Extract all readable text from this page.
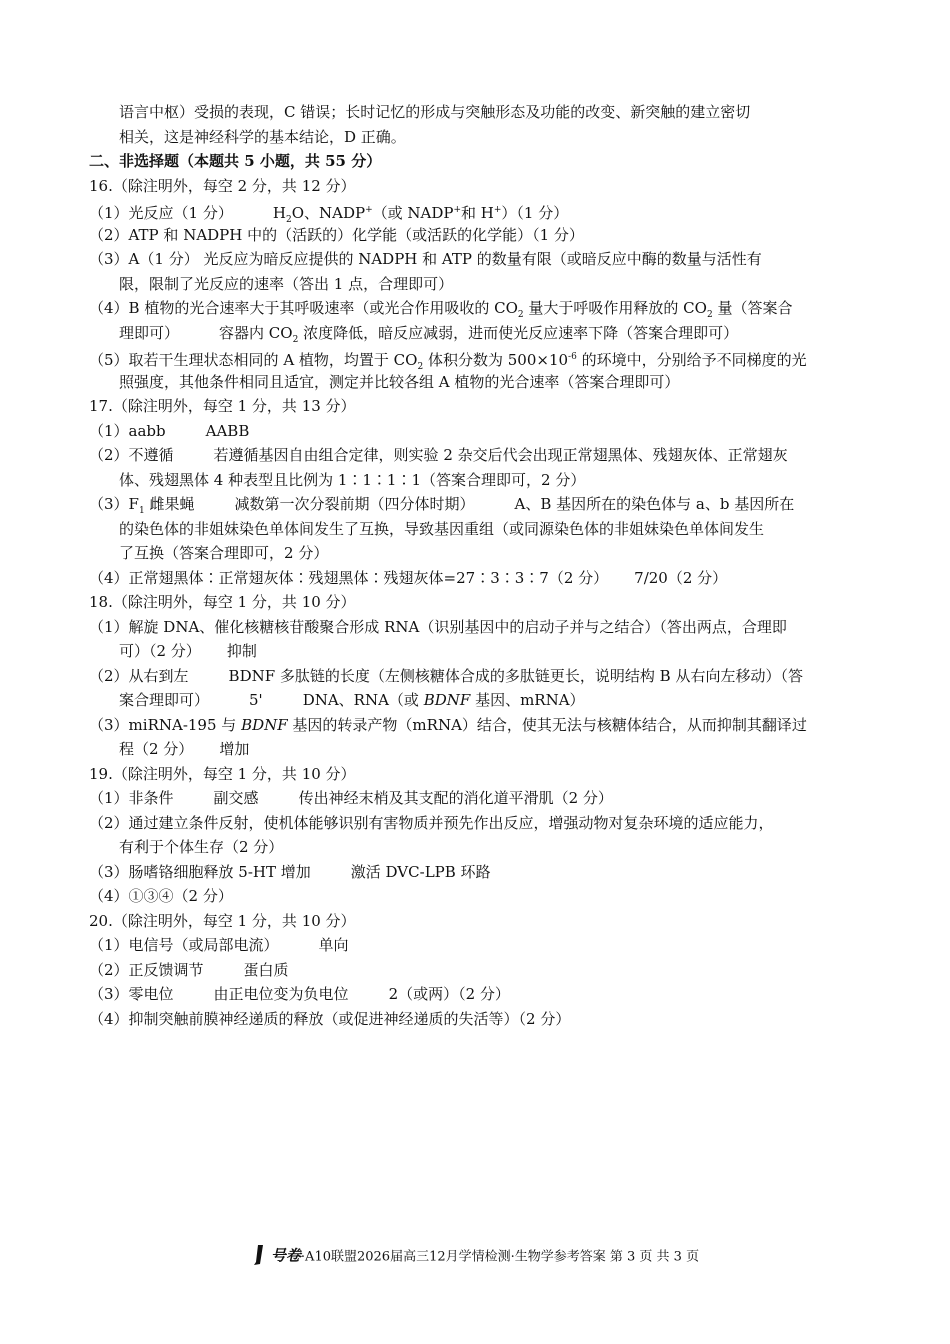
语言中枢）受损的表现，C 错误；长时记忆的形成与突触形态及功能的改变、新突触的建立密切
相关，这是神经科学的基本结论，D 正确。
二、非选择题（本题共 5 小题，共 55 分）
16.（除注明外，每空 2 分，共 12 分）
（1）光反应（1 分）	$H_2O$、NADP+（或 NADP+和 H+）（1 分）
（2）ATP 和 NADPH 中的（活跃的）化学能（或活跃的化学能）（1 分）
（3）A（1 分） 光反应为暗反应提供的 NADPH 和 ATP 的数量有限（或暗反应中酶的数量与活性有
限，限制了光反应的速率（答出 1 点，合理即可）
（4）B 植物的光合速率大于其呼吸速率（或光合作用吸收的 $CO_2$ 量大于呼吸作用释放的 $CO_2$ 量（答案合
理即可）	容器内 $CO_2$ 浓度降低，暗反应减弱，进而使光反应速率下降（答案合理即可）
（5）取若干生理状态相同的 A 植物，均置于 $CO_2$ 体积分数为 $500\times 10^{-6}$ 的环境中，分别给予不同梯度的光
照强度，其他条件相同且适宜，测定并比较各组 A 植物的光合速率（答案合理即可）
17.（除注明外，每空 1 分，共 13 分）
（1）aabb	AABB
（2）不遵循	若遵循基因自由组合定律，则实验 2 杂交后代会出现正常翅黑体、残翅灰体、正常翅灰
体、残翅黑体 4 种表型且比例为 1∶1∶1∶1（答案合理即可，2 分）
$(3)F_1$ 雌果蝇	减数第一次分裂前期（四分体时期）	A、B 基因所在的染色体与 a、b 基因所在
的染色体的非姐妹染色单体间发生了互换，导致基因重组（或同源染色体的非姐妹染色单体间发生
了互换（答案合理即可，2 分）
（4）正常翅黑体∶正常翅灰体∶残翅黑体∶残翅灰体=27∶3∶3∶7（2 分） 7/20（2 分）
18.（除注明外，每空 1 分，共 10 分）
（1）解旋 DNA、催化核糖核苷酸聚合形成 RNA（识别基因中的启动子并与之结合）（答出两点，合理即
可）（2 分） 抑制
（2）从右到左	BDNF 多肽链的长度（左侧核糖体合成的多肽链更长，说明结构 B 从右向左移动）（答
案合理即可）	5'	DNA、RNA（或 BDNF 基因、mRNA）
（3）miRNA-195 与 BDNF 基因的转录产物（mRNA）结合，使其无法与核糖体结合，从而抑制其翻译过
程（2 分） 增加
19.（除注明外，每空 1 分，共 10 分）
（1）非条件	副交感	传出神经末梢及其支配的消化道平滑肌（2 分）
（2）通过建立条件反射，使机体能够识别有害物质并预先作出反应，增强动物对复杂环境的适应能力，
有利于个体生存（2 分）
（3）肠嗜铬细胞释放 5-HT 增加	激活 DVC-LPB 环路
（4）①③④（2 分）
20.（除注明外，每空 1 分，共 10 分）
（1）电信号（或局部电流）	单向
（2）正反馈调节	蛋白质
（3）零电位	由正电位变为负电位	2（或两）（2 分）
（4）抑制突触前膜神经递质的释放（或促进神经递质的失活等）（2 分）
号卷·A10联盟2026届高三12月学情检测·生物学参考答案 第 3 页 共 3 页
